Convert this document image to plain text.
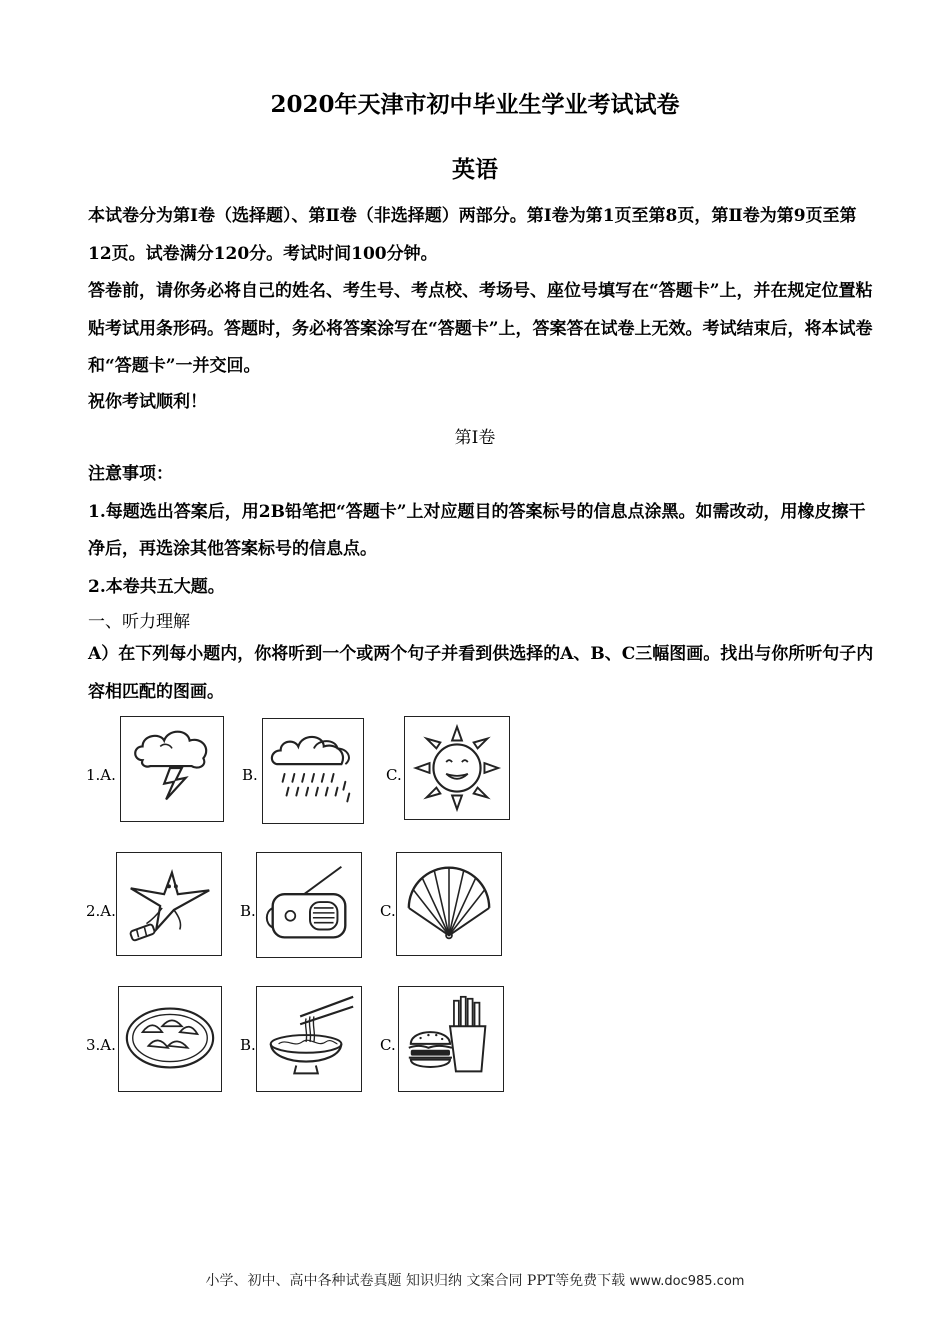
2020年天津市初中毕业生学业考试试卷
英语
本试卷分为第Ⅰ卷（选择题）、第Ⅱ卷（非选择题）两部分。第Ⅰ卷为第1页至第8页，第Ⅱ卷为第9页至第12页。试卷满分120分。考试时间100分钟。
答卷前，请你务必将自己的姓名、考生号、考点校、考场号、座位号填写在“答题卡”上，并在规定位置粘贴考试用条形码。答题时，务必将答案涂写在“答题卡”上，答案答在试卷上无效。考试结束后，将本试卷和“答题卡”一并交回。
祝你考试顺利！
第Ⅰ卷
注意事项：
1.每题选出答案后，用2B铅笔把“答题卡”上对应题目的答案标号的信息点涂黑。如需改动，用橡皮擦干净后，再选涂其他答案标号的信息点。
2.本卷共五大题。
一、听力理解
A）在下列每小题内，你将听到一个或两个句子并看到供选择的A、B、C三幅图画。找出与你所听句子内容相匹配的图画。
1.A.	B.	C.
2.A.	B.	C.
3.A.	B.	C.
小学、初中、高中各种试卷真题 知识归纳 文案合同 PPT等免费下载 www.doc985.com
